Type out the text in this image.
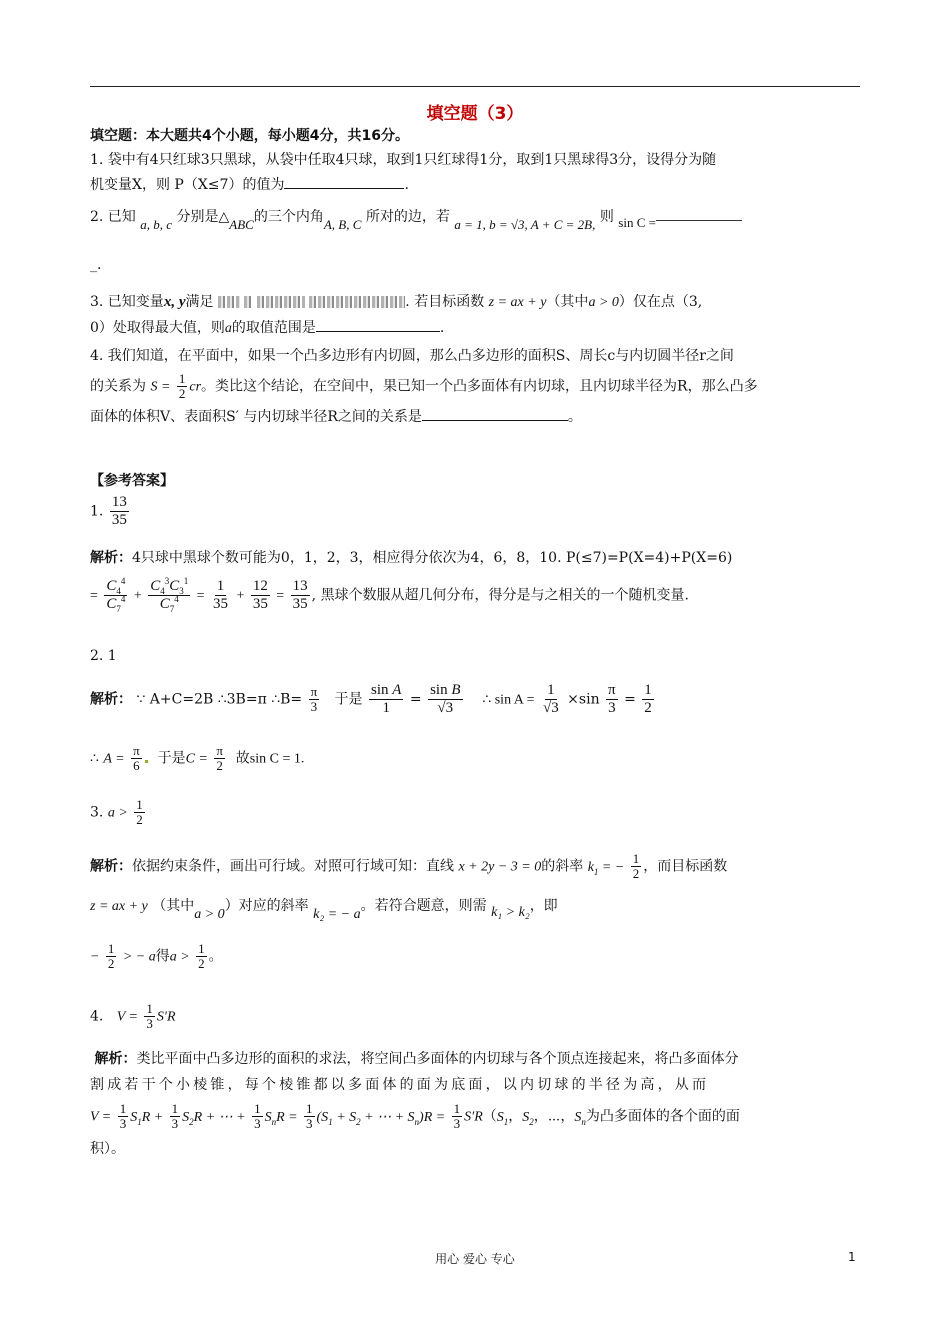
填空题（3）
填空题：本大题共4个小题，每小题4分，共16分。
1. 袋中有4只红球3只黑球，从袋中任取4只球，取到1只红球得1分，取到1只黑球得3分，设得分为随
机变量X，则 P（X≤7）的值为	.
2. 已知 a, b, c 分别是△ABC的三个内角A, B, C 所对的边，若 a = 1, b = √3, A + C = 2B, 则 sin C =
_.
3. 已知变量x, y满足	. 若目标函数 z = ax + y（其中a > 0）仅在点（3,
0）处取得最大值，则a的取值范围是	.
4. 我们知道，在平面中，如果一个凸多边形有内切圆，那么凸多边形的面积S、周长c与内切圆半径r之间
的关系为 $S = \frac{1}{2}$ cr。类比这个结论，在空间中，果已知一个凸多面体有内切球，且内切球半径为R，那么凸多
面体的体积V、表面积S′ 与内切球半径R之间的关系是	。
【参考答案】
1. $\frac{13}{35}$
解析：4只球中黑球个数可能为0，1，2，3，相应得分依次为4，6，8，10. P(≤7)=P(X=4)+P(X=6)
= $\frac{C_4^4}{C_7^4} + \frac{C_4^3C_3^1}{C_7^4} = \frac{1}{35} + \frac{12}{35} = \frac{13}{35}$ , 黑球个数服从超几何分布，得分是与之相关的一个随机变量.
2. 1
解析： ∵ A+C=2B ∴3B=π ∴B= $\frac{\pi}{3}$ 于是 $\frac{\text{sin A}}{1} = \frac{\text{sin B}}{√3}$ ∴ $\sin A = \frac{1}{√3} \times\sin \frac{\pi}{3} = \frac{1}{2}$
∴ $A = \frac{\pi}{6}$ 于是$C = \frac{\pi}{2}$ 故sin C = 1.
3. $a > \frac{1}{2}$
解析：依据约束条件，画出可行域。对照可行域可知：直线 x + 2y − 3 = 0的斜率 $k_1$ = − $\frac{1}{2}$ ，而目标函数
z = ax + y （其中a > 0）对应的斜率 k₂ = − a。若符合题意，则需 k₁ > k₂，即
− $\frac{1}{2}$ > − a得$a > \frac{1}{2}$ 。
4. $V = \frac{1}{3} S'R$
解析：类比平面中凸多边形的面积的求法，将空间凸多面体的内切球与各个顶点连接起来，将凸多面体分
割成若干个小棱锥，每个棱锥都以多面体的面为底面，以内切球的半径为高，从而
$V = \frac{1}{3} S_1R + \frac{1}{3} S_2R$ + ⋯ + $\frac{1}{3} S_nR = \frac{1}{3} (S_1 + S_2$ + ⋯ + $S_n)R = \frac{1}{3} S'R(S_1$，$S_2$，⋯，$S_n$为凸多面体的各个面的面
积）。
用心 爱心 专心	1
